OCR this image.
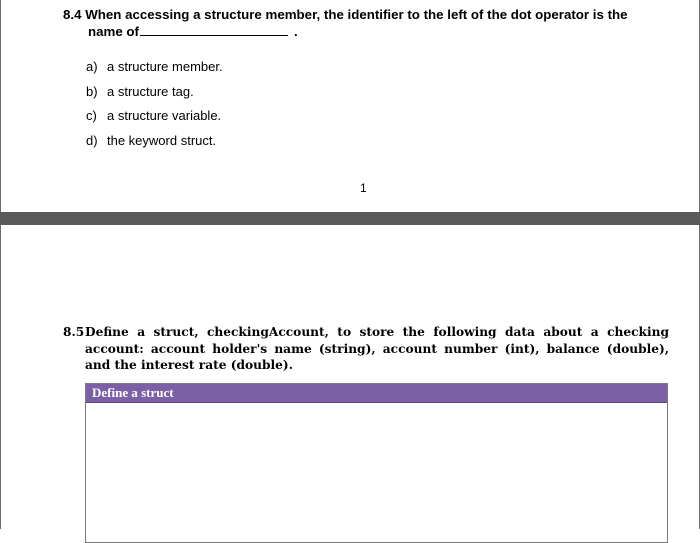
8.4 When accessing a structure member, the identifier to the left of the dot operator is the
name of	.
a) a structure member.
b) a structure tag.
c) a structure variable.
d) the keyword struct.
1
8.5 Define a struct, checkingAccount, to store the following data about a checking account: account holder's name (string), account number (int), balance (double), and the interest rate (double).
Define a struct
